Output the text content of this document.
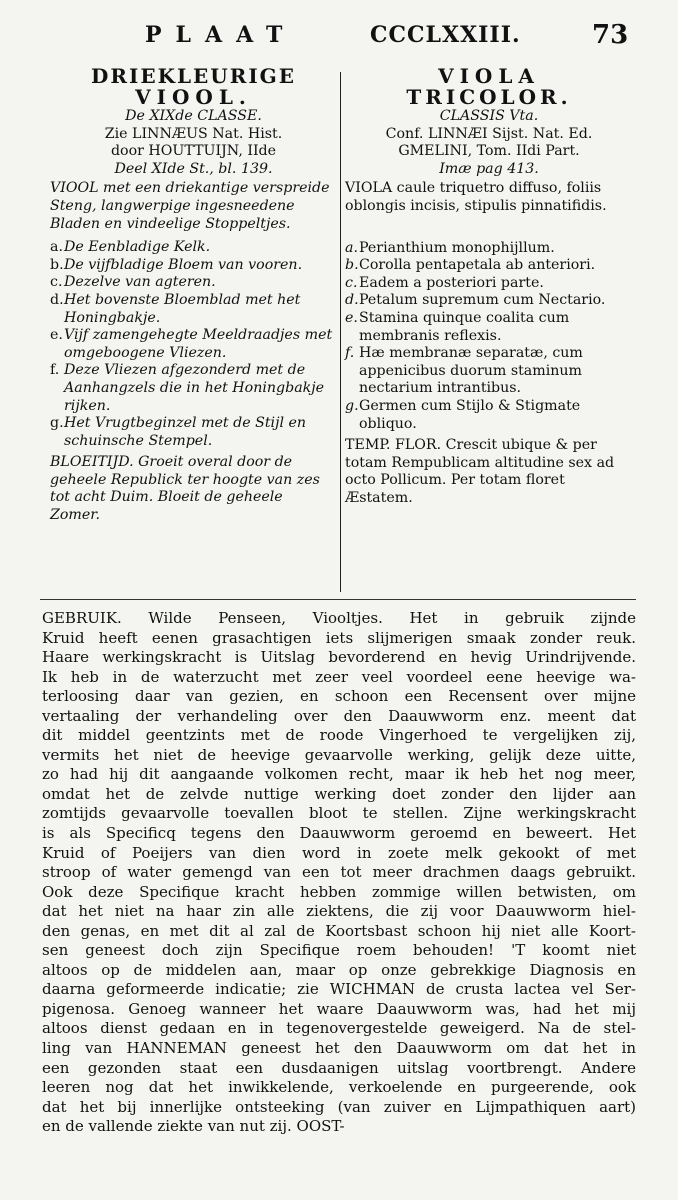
PLAAT	CCCLXXIII.	73
DRIEKLEURIGE
VIOOL.
De XIXde CLASSE.
Zie LINNÆUS Nat. Hist.
door HOUTTUIJN, IIde
Deel XIde St., bl. 139.
VIOOL met een driekantige verspreide Steng, langwerpige ingesneedene Bladen en vindeelige Stoppeltjes.
a. De Eenbladige Kelk.
b. De vijfbladige Bloem van vooren.
c. Dezelve van agteren.
d. Het bovenste Bloemblad met het Honingbakje.
e. Vijf zamengehegte Meeldraadjes met omgeboogene Vliezen.
f. Deze Vliezen afgezonderd met de Aanhangzels die in het Honingbakje rijken.
g. Het Vrugtbeginzel met de Stijl en schuinsche Stempel.
BLOEITIJD. Groeit overal door de geheele Republick ter hoogte van zes tot acht Duim. Bloeit de geheele Zomer.
VIOLA
TRICOLOR.
CLASSIS Vta.
Conf. LINNÆI Sijst. Nat. Ed.
GMELINI, Tom. IIdi Part.
Imæ pag 413.
VIOLA caule triquetro diffuso, foliis oblongis incisis, stipulis pinnatifidis.
a. Perianthium monophijllum.
b. Corolla pentapetala ab anteriori.
c. Eadem a posteriori parte.
d. Petalum supremum cum Nectario.
e. Stamina quinque coalita cum membranis reflexis.
f. Hæ membranæ separatæ, cum appenicibus duorum staminum nectarium intrantibus.
g. Germen cum Stijlo & Stigmate obliquo.
TEMP. FLOR. Crescit ubique & per totam Rempublicam altitudine sex ad octo Pollicum. Per totam floret Æstatem.
GEBRUIK. Wilde Penseen, Viooltjes. Het in gebruik zijnde
Kruid heeft eenen grasachtigen iets slijmerigen smaak zonder reuk.
Haare werkingskracht is Uitslag bevorderend en hevig Urindrijvende.
Ik heb in de waterzucht met zeer veel voordeel eene heevige wa-
terloosing daar van gezien, en schoon een Recensent over mijne
vertaaling der verhandeling over den Daauwworm enz. meent dat
dit middel geentzints met de roode Vingerhoed te vergelijken zij,
vermits het niet de heevige gevaarvolle werking, gelijk deze uitte,
zo had hij dit aangaande volkomen recht, maar ik heb het nog meer,
omdat het de zelvde nuttige werking doet zonder den lijder aan
zomtijds gevaarvolle toevallen bloot te stellen. Zijne werkingskracht
is als Specificq tegens den Daauwworm geroemd en beweert. Het
Kruid of Poeijers van dien word in zoete melk gekookt of met
stroop of water gemengd van een tot meer drachmen daags gebruikt.
Ook deze Specifique kracht hebben zommige willen betwisten, om
dat het niet na haar zin alle ziektens, die zij voor Daauwworm hiel-
den genas, en met dit al zal de Koortsbast schoon hij niet alle Koort-
sen geneest doch zijn Specifique roem behouden! 'T koomt niet
altoos op de middelen aan, maar op onze gebrekkige Diagnosis en
daarna geformeerde indicatie; zie WICHMAN de crusta lactea vel Ser-
pigenosa. Genoeg wanneer het waare Daauwworm was, had het mij
altoos dienst gedaan en in tegenovergestelde geweigerd. Na de stel-
ling van HANNEMAN geneest het den Daauwworm om dat het in
een gezonden staat een dusdaanigen uitslag voortbrengt. Andere
leeren nog dat het inwikkelende, verkoelende en purgeerende, ook
dat het bij innerlijke ontsteeking (van zuiver en Lijmpathiquen aart)
en de vallende ziekte van nut zij. OOST-
